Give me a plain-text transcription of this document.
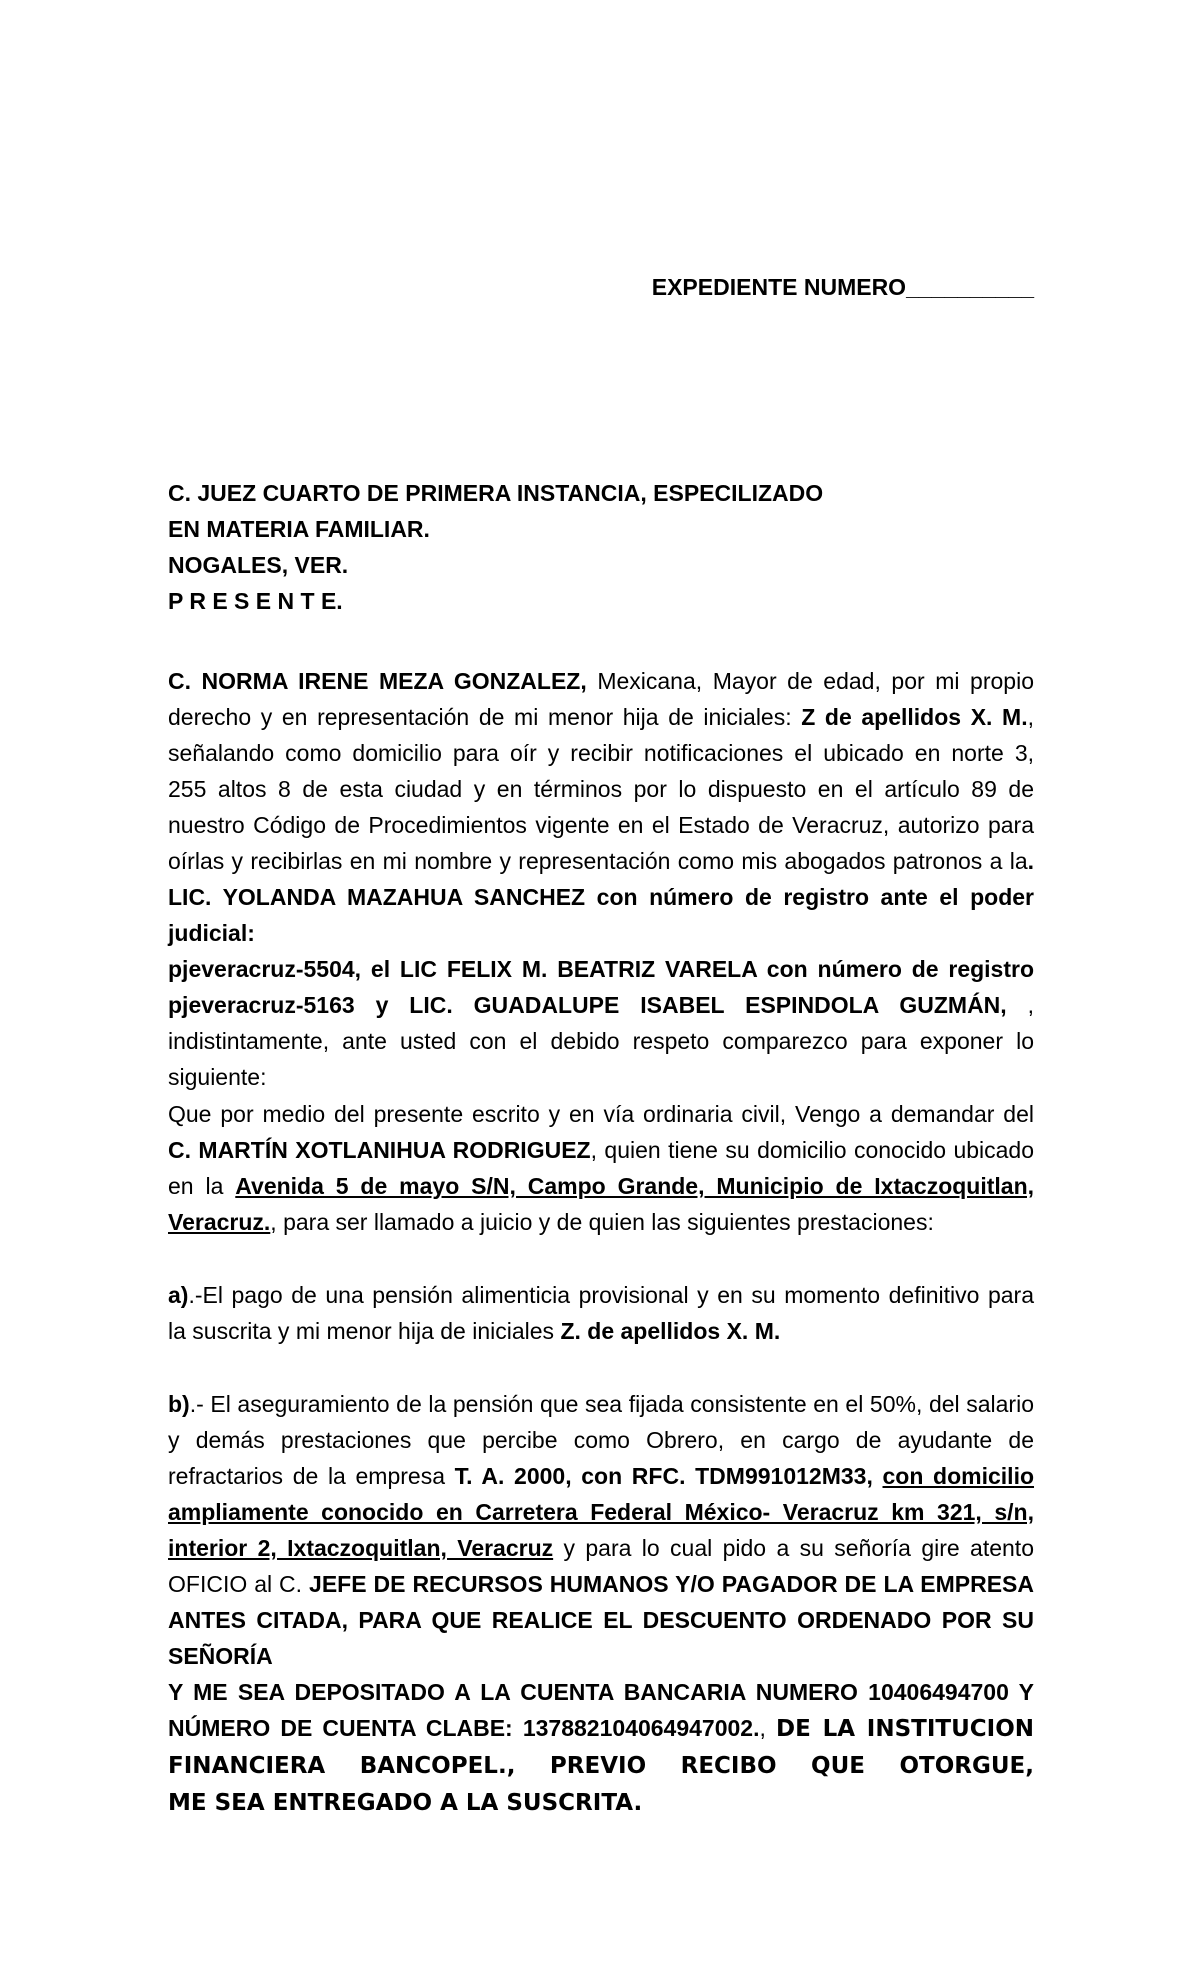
EXPEDIENTE NUMERO__________

C. JUEZ CUARTO DE PRIMERA INSTANCIA, ESPECILIZADO

EN MATERIA FAMILIAR.

NOGALES, VER.

P R E S E N T E.

C. NORMA IRENE MEZA GONZALEZ, Mexicana, Mayor de edad, por mi propio

derecho y en representación de mi menor hija de iniciales: Z de apellidos X. M.,

señalando como domicilio para oír y recibir notificaciones el ubicado en norte 3,

255 altos 8 de esta ciudad y en términos por lo dispuesto en el artículo 89 de

nuestro Código de Procedimientos vigente en el Estado de Veracruz, autorizo para

oírlas y recibirlas en mi nombre y representación como mis abogados patronos a la.

LIC. YOLANDA MAZAHUA SANCHEZ con número de registro ante el poder judicial:

pjeveracruz-5504, el LIC FELIX M. BEATRIZ VARELA con número de registro

pjeveracruz-5163 y LIC. GUADALUPE ISABEL ESPINDOLA GUZMÁN, ,

indistintamente, ante usted con el debido respeto comparezco para exponer lo

siguiente:

Que por medio del presente escrito y en vía ordinaria civil, Vengo a demandar del

C. MARTÍN XOTLANIHUA RODRIGUEZ, quien tiene su domicilio conocido ubicado

en la Avenida 5 de mayo S/N, Campo Grande, Municipio de Ixtaczoquitlan,

Veracruz., para ser llamado a juicio y de quien las siguientes prestaciones:

a).-El pago de una pensión alimenticia provisional y en su momento definitivo para

la suscrita y mi menor hija de iniciales Z. de apellidos X. M.

b).- El aseguramiento de la pensión que sea fijada consistente en el 50%, del salario

y demás prestaciones que percibe como Obrero, en cargo de ayudante de

refractarios de la empresa T. A. 2000, con RFC. TDM991012M33, con domicilio

ampliamente conocido en Carretera Federal México- Veracruz km 321, s/n,

interior 2, Ixtaczoquitlan, Veracruz y para lo cual pido a su señoría gire atento

OFICIO al C. JEFE DE RECURSOS HUMANOS Y/O PAGADOR DE LA EMPRESA

ANTES CITADA, PARA QUE REALICE EL DESCUENTO ORDENADO POR SU SEÑORÍA

Y ME SEA DEPOSITADO A LA CUENTA BANCARIA NUMERO 10406494700 Y

NÚMERO DE CUENTA CLABE: 137882104064947002., DE LA INSTITUCION

FINANCIERA BANCOPEL., PREVIO RECIBO QUE OTORGUE,

ME SEA ENTREGADO A LA SUSCRITA.
